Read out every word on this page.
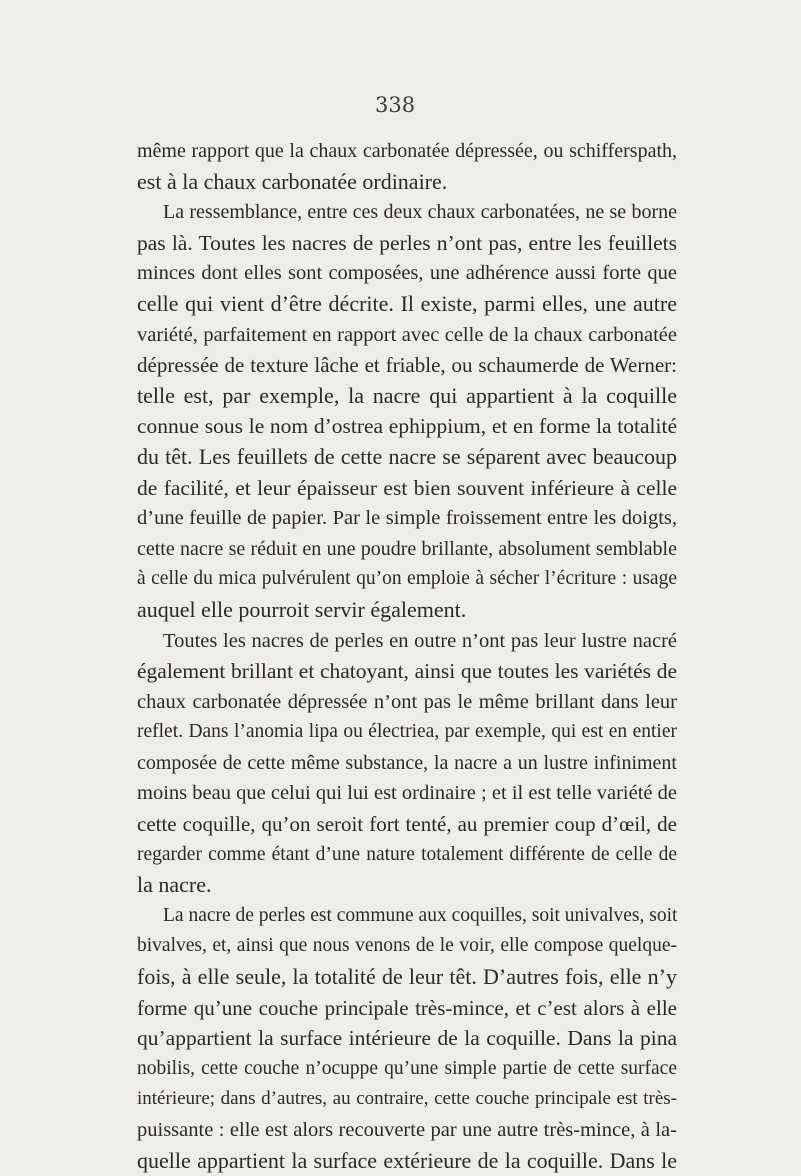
338
même rapport que la chaux carbonatée dépressée, ou schifferspath,
est à la chaux carbonatée ordinaire.
La ressemblance, entre ces deux chaux carbonatées, ne se borne
pas là. Toutes les nacres de perles n’ont pas, entre les feuillets
minces dont elles sont composées, une adhérence aussi forte que
celle qui vient d’être décrite. Il existe, parmi elles, une autre
variété, parfaitement en rapport avec celle de la chaux carbonatée
dépressée de texture lâche et friable, ou schaumerde de Werner:
telle est, par exemple, la nacre qui appartient à la coquille
connue sous le nom d’ostrea ephippium, et en forme la totalité
du têt. Les feuillets de cette nacre se séparent avec beaucoup
de facilité, et leur épaisseur est bien souvent inférieure à celle
d’une feuille de papier. Par le simple froissement entre les doigts,
cette nacre se réduit en une poudre brillante, absolument semblable
à celle du mica pulvérulent qu’on emploie à sécher l’écriture : usage
auquel elle pourroit servir également.
Toutes les nacres de perles en outre n’ont pas leur lustre nacré
également brillant et chatoyant, ainsi que toutes les variétés de
chaux carbonatée dépressée n’ont pas le même brillant dans leur
reflet. Dans l’anomia lipa ou électriea, par exemple, qui est en entier
composée de cette même substance, la nacre a un lustre infiniment
moins beau que celui qui lui est ordinaire ; et il est telle variété de
cette coquille, qu’on seroit fort tenté, au premier coup d’œil, de
regarder comme étant d’une nature totalement différente de celle de
la nacre.
La nacre de perles est commune aux coquilles, soit univalves, soit
bivalves, et, ainsi que nous venons de le voir, elle compose quelque-
fois, à elle seule, la totalité de leur têt. D’autres fois, elle n’y
forme qu’une couche principale très-mince, et c’est alors à elle
qu’appartient la surface intérieure de la coquille. Dans la pina
nobilis, cette couche n’ocuppe qu’une simple partie de cette surface
intérieure; dans d’autres, au contraire, cette couche principale est très-
puissante : elle est alors recouverte par une autre très-mince, à la-
quelle appartient la surface extérieure de la coquille. Dans le
